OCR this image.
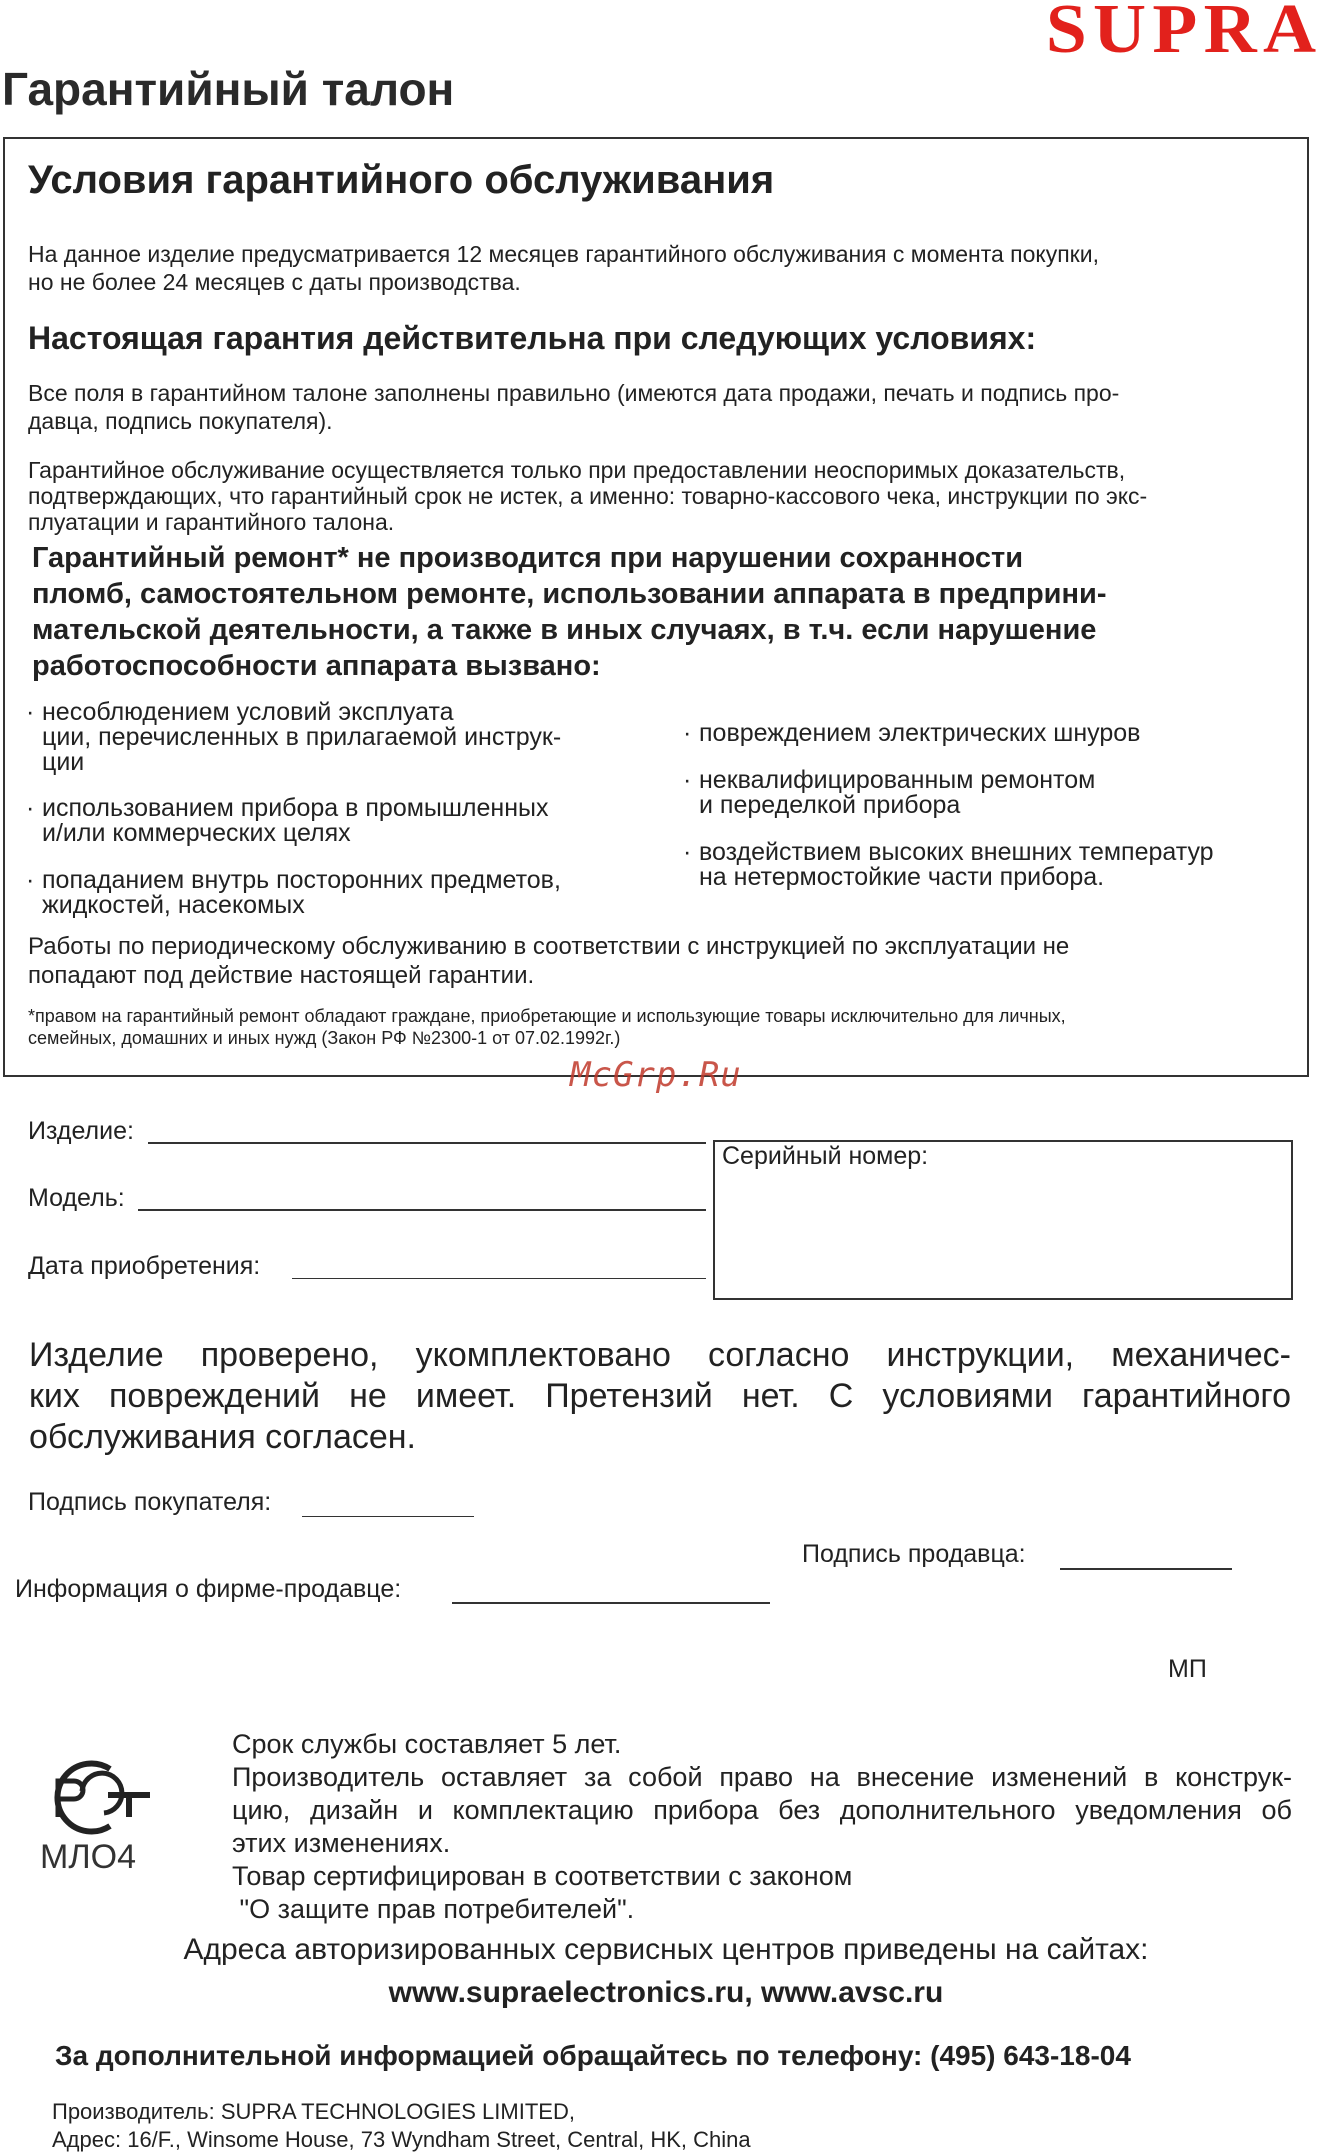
SUPRA
Гарантийный талон
Условия гарантийного обслуживания
На данное изделие предусматривается 12 месяцев гарантийного обслуживания с момента покупки,
но не более 24 месяцев с даты производства.
Настоящая гарантия действительна при следующих условиях:
Все поля в гарантийном талоне заполнены правильно (имеются дата продажи, печать и подпись про-
давца, подпись покупателя).
Гарантийное обслуживание осуществляется только при предоставлении неоспоримых доказательств,
подтверждающих, что гарантийный срок не истек, а именно: товарно-кассового чека, инструкции по экс-
плуатации и гарантийного талона.
Гарантийный ремонт* не производится при нарушении сохранности
пломб, самостоятельном ремонте, использовании аппарата в предприни-
мательской деятельности, а также в иных случаях, в т.ч. если нарушение
работоспособности аппарата вызвано:
· несоблюдением условий эксплуата
ции, перечисленных в прилагаемой инструк-
ции
· использованием прибора в промышленных
и/или коммерческих целях
· попаданием внутрь посторонних предметов,
жидкостей, насекомых
· повреждением электрических шнуров
· неквалифицированным ремонтом
и переделкой прибора
· воздействием высоких внешних температур
на нетермостойкие части прибора.
Работы по периодическому обслуживанию в соответствии с инструкцией по эксплуатации не
попадают под действие настоящей гарантии.
*правом на гарантийный ремонт обладают граждане, приобретающие и использующие товары исключительно для личных,
семейных, домашних и иных нужд (Закон РФ №2300-1 от 07.02.1992г.)
McGrp.Ru
Изделие:
Модель:
Дата приобретения:
Серийный номер:
Изделие проверено, укомплектовано согласно инструкции, механичес-
ких повреждений не имеет. Претензий нет. С условиями гарантийного
обслуживания согласен.
Подпись покупателя:
Подпись продавца:
Информация о фирме-продавце:
МП
МЛО4
Срок службы составляет 5 лет.
Производитель оставляет за собой право на внесение изменений в конструк-
цию, дизайн и комплектацию прибора без дополнительного уведомления об
этих изменениях.
Товар сертифицирован в соответствии с законом
"О защите прав потребителей".
Адреса авторизированных сервисных центров приведены на сайтах:
www.suprаelectronics.ru, www.avsc.ru
За дополнительной информацией обращайтесь по телефону: (495) 643-18-04
Производитель: SUPRA TECHNOLOGIES LIMITED,
Адрес: 16/F., Winsome House, 73 Wyndham Street, Central, HK, China
